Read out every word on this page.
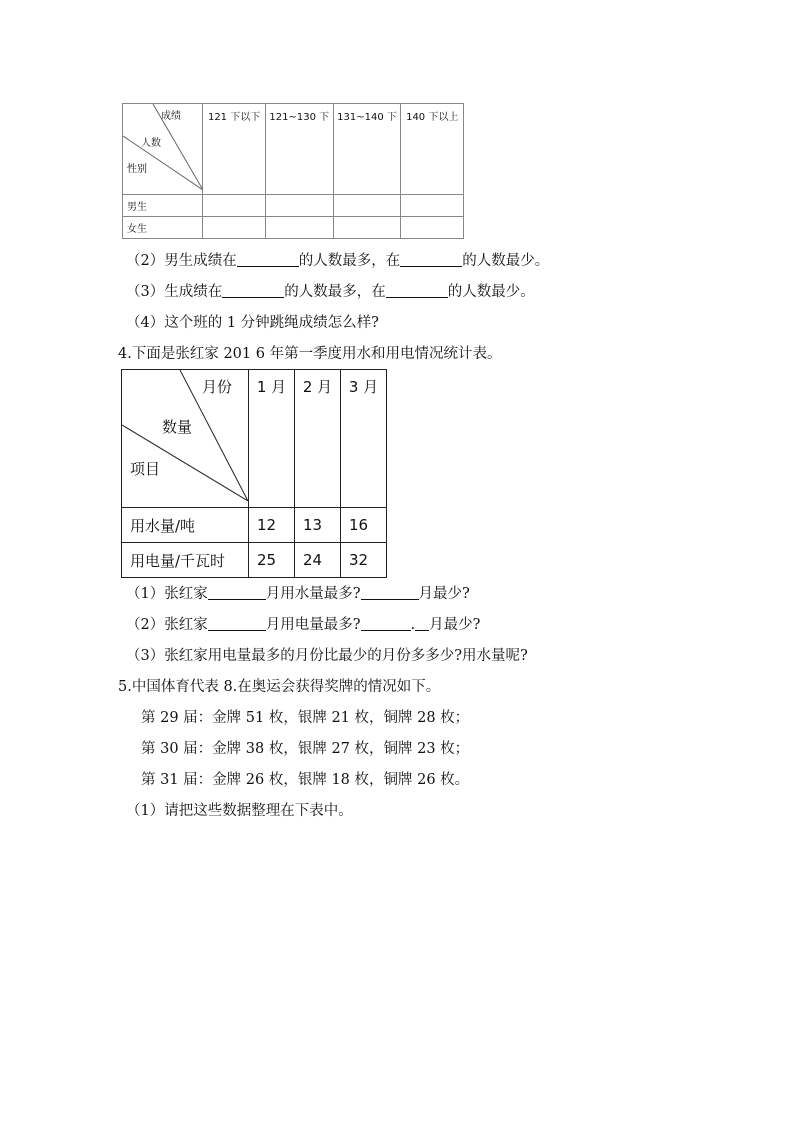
成绩
人数
性别	121 下以下	121~130 下	131~140 下	140 下以上
男生				
女生				
（2）男生成绩在	的人数最多，在	的人数最少。
（3）生成绩在	的人数最多，在	的人数最少。
（4）这个班的 1 分钟跳绳成绩怎么样?
4.下面是张红家 201 6 年第一季度用水和用电情况统计表。
月份
数量
项目	1 月	2 月	3 月
用水量/吨	12	13	16
用电量/千瓦时	25	24	32
（1）张红家	月用水量最多?	月最少?
（2）张红家	月用电量最多?	. 月最少?
（3）张红家用电量最多的月份比最少的月份多多少?用水量呢?
5.中国体育代表 8.在奥运会获得奖牌的情况如下。
第 29 届：金牌 51 枚，银牌 21 枚，铜牌 28 枚；
第 30 届：金牌 38 枚，银牌 27 枚，铜牌 23 枚；
第 31 届：金牌 26 枚，银牌 18 枚，铜牌 26 枚。
（1）请把这些数据整理在下表中。
